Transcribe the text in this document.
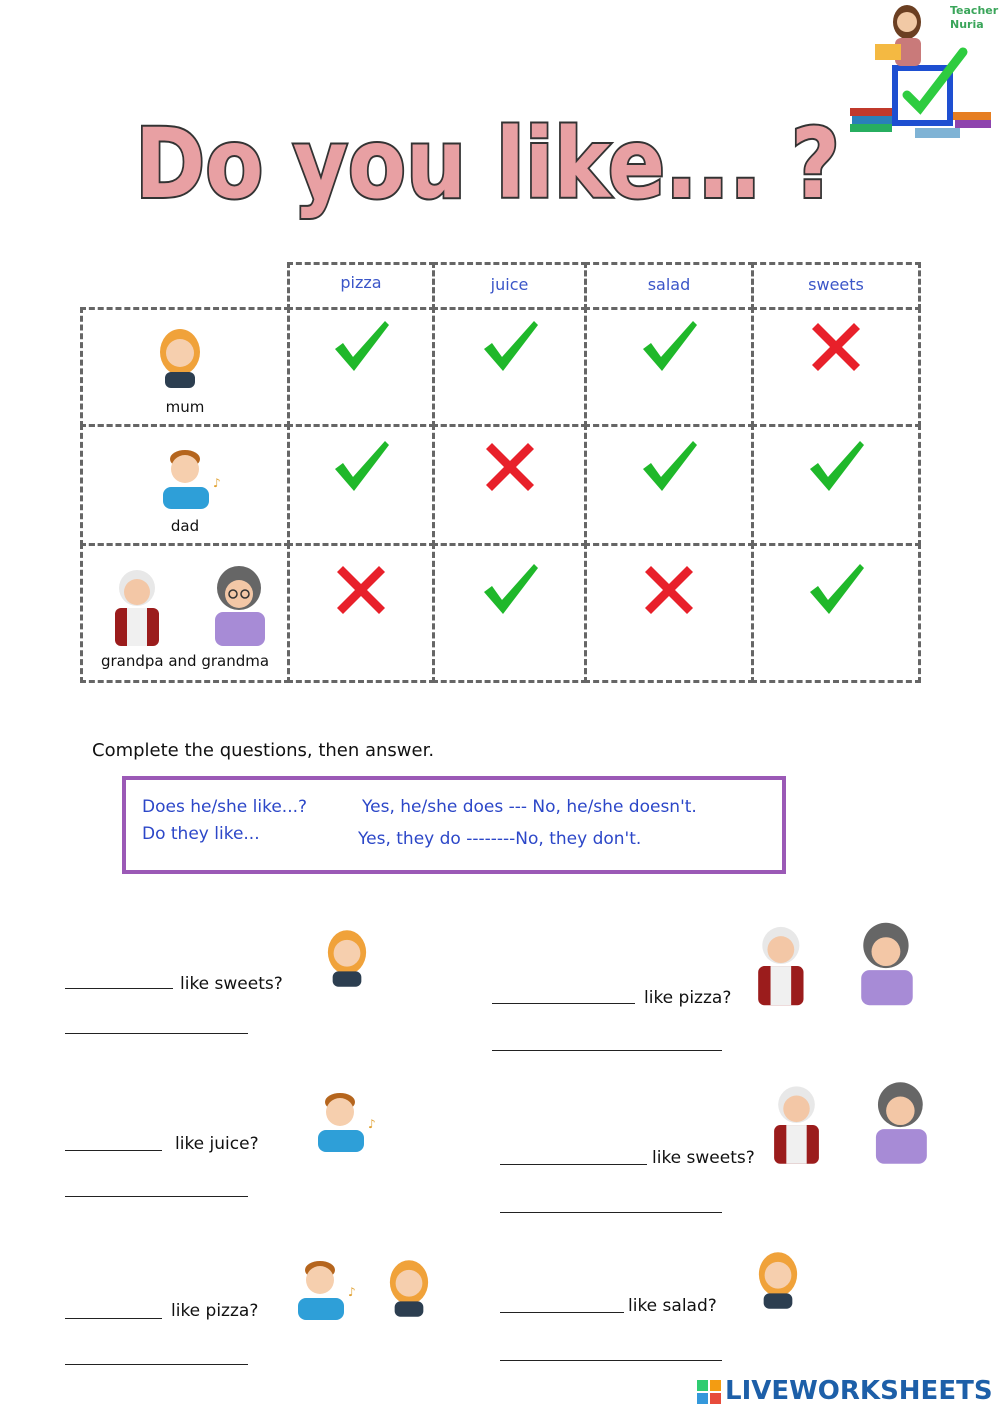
Teacher
Nuria
Do you like... ?
pizza	juice	salad	sweets
mum
♪
dad
grandpa and grandma
Complete the questions, then answer.
Does he/she like...?
Do they like...
Yes, he/she does --- No, he/she doesn't.
Yes, they do --------No, they don't.
like sweets?
like pizza?
like juice?
♪
like sweets?
like pizza?
♪
like salad?
LIVEWORKSHEETS
